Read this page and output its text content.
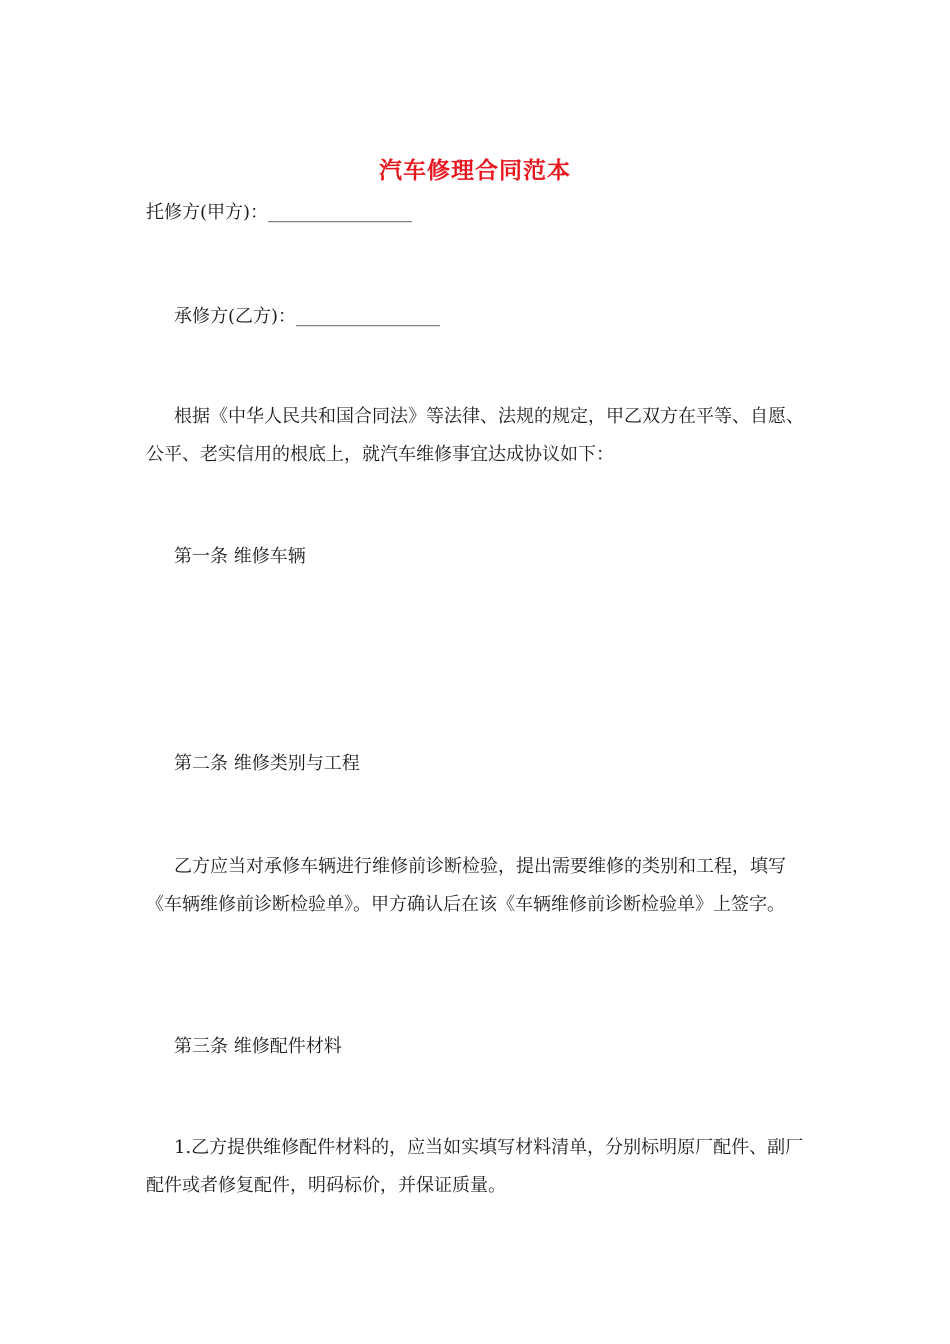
汽车修理合同范本
托修方(甲方)：________________
承修方(乙方)：________________
根据《中华人民共和国合同法》等法律、法规的规定，甲乙双方在平等、自愿、公平、老实信用的根底上，就汽车维修事宜达成协议如下：
第一条 维修车辆
第二条 维修类别与工程
乙方应当对承修车辆进行维修前诊断检验，提出需要维修的类别和工程，填写《车辆维修前诊断检验单》。甲方确认后在该《车辆维修前诊断检验单》上签字。
第三条 维修配件材料
1.乙方提供维修配件材料的，应当如实填写材料清单，分别标明原厂配件、副厂配件或者修复配件，明码标价，并保证质量。
